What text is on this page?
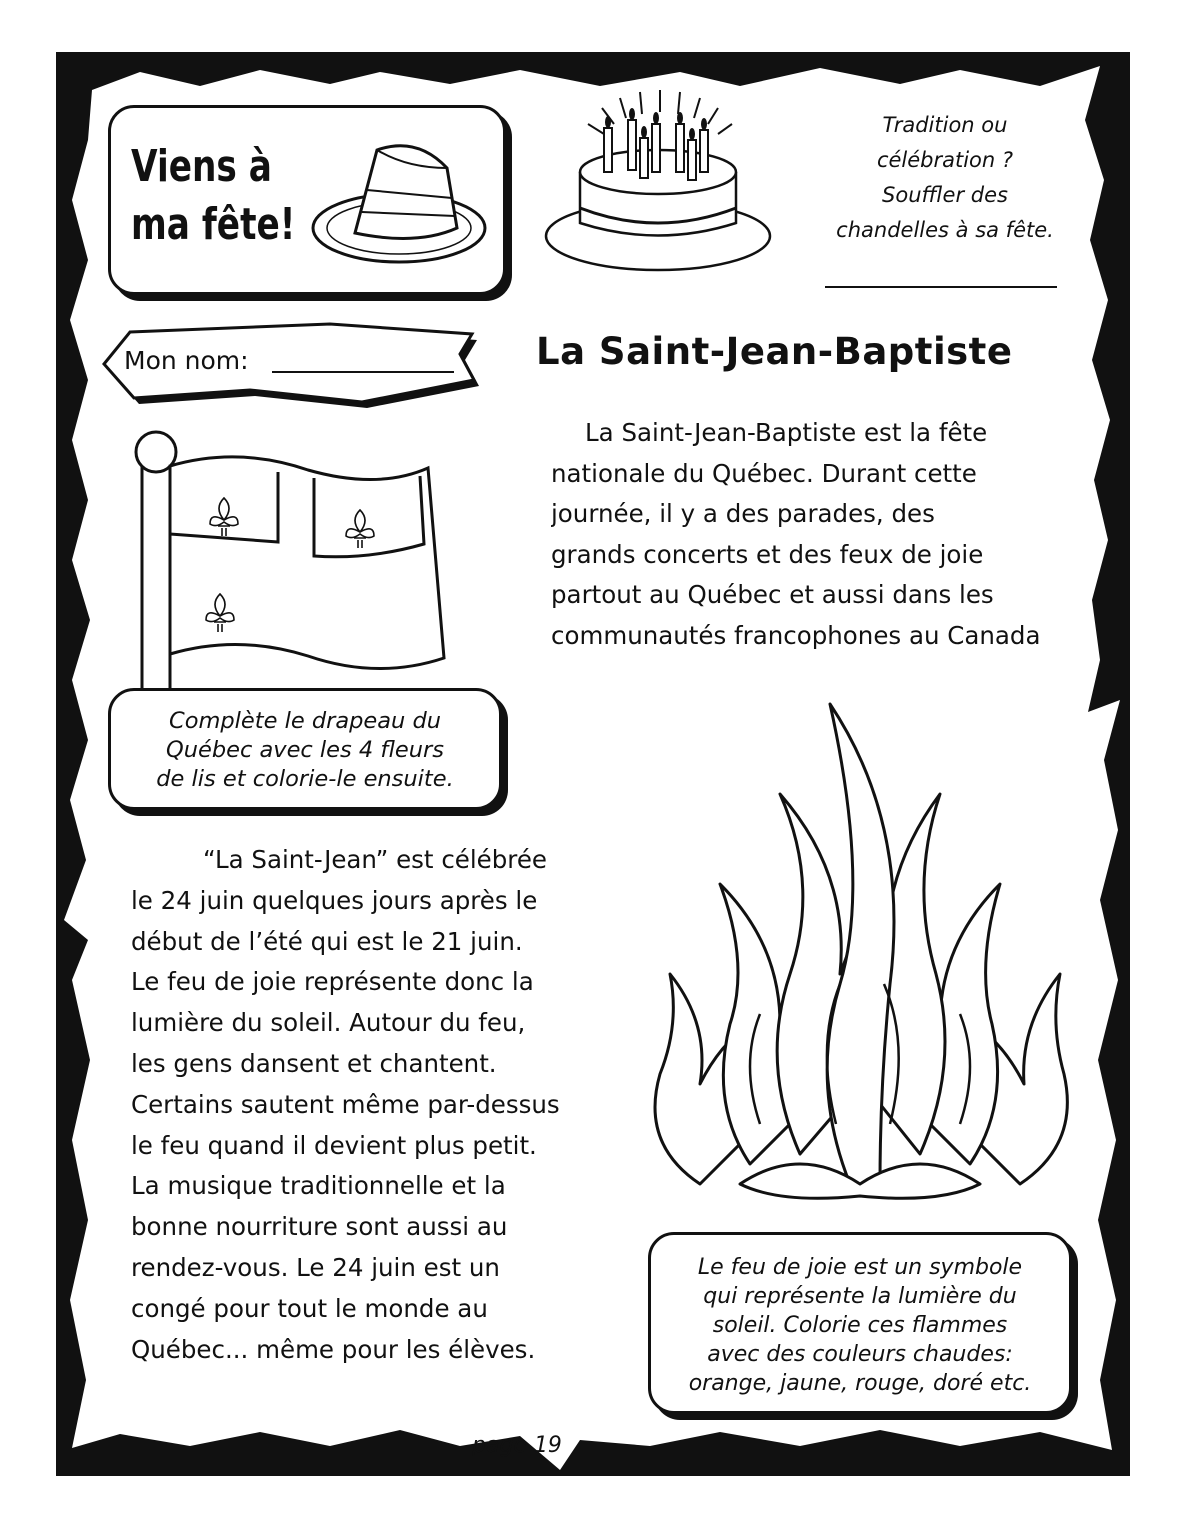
Viens à
ma fête!
Tradition ou
célébration ?
Souffler des
chandelles à sa fête.
Mon nom:	La Saint-Jean-Baptiste
La Saint-Jean-Baptiste est la fête
nationale du Québec. Durant cette
journée, il y a des parades, des
grands concerts et des feux de joie
partout au Québec et aussi dans les
communautés francophones au Canada
Complète le drapeau du
Québec avec les 4 fleurs
de lis et colorie-le ensuite.
“La Saint-Jean” est célébrée
le 24 juin quelques jours après le
début de l’été qui est le 21 juin.
Le feu de joie représente donc la
lumière du soleil. Autour du feu,
les gens dansent et chantent.
Certains sautent même par-dessus
le feu quand il devient plus petit.
La musique traditionnelle et la
bonne nourriture sont aussi au
rendez-vous. Le 24 juin est un
congé pour tout le monde au
Québec... même pour les élèves.
Le feu de joie est un symbole
qui représente la lumière du
soleil. Colorie ces flammes
avec des couleurs chaudes:
orange, jaune, rouge, doré etc.
page 19
